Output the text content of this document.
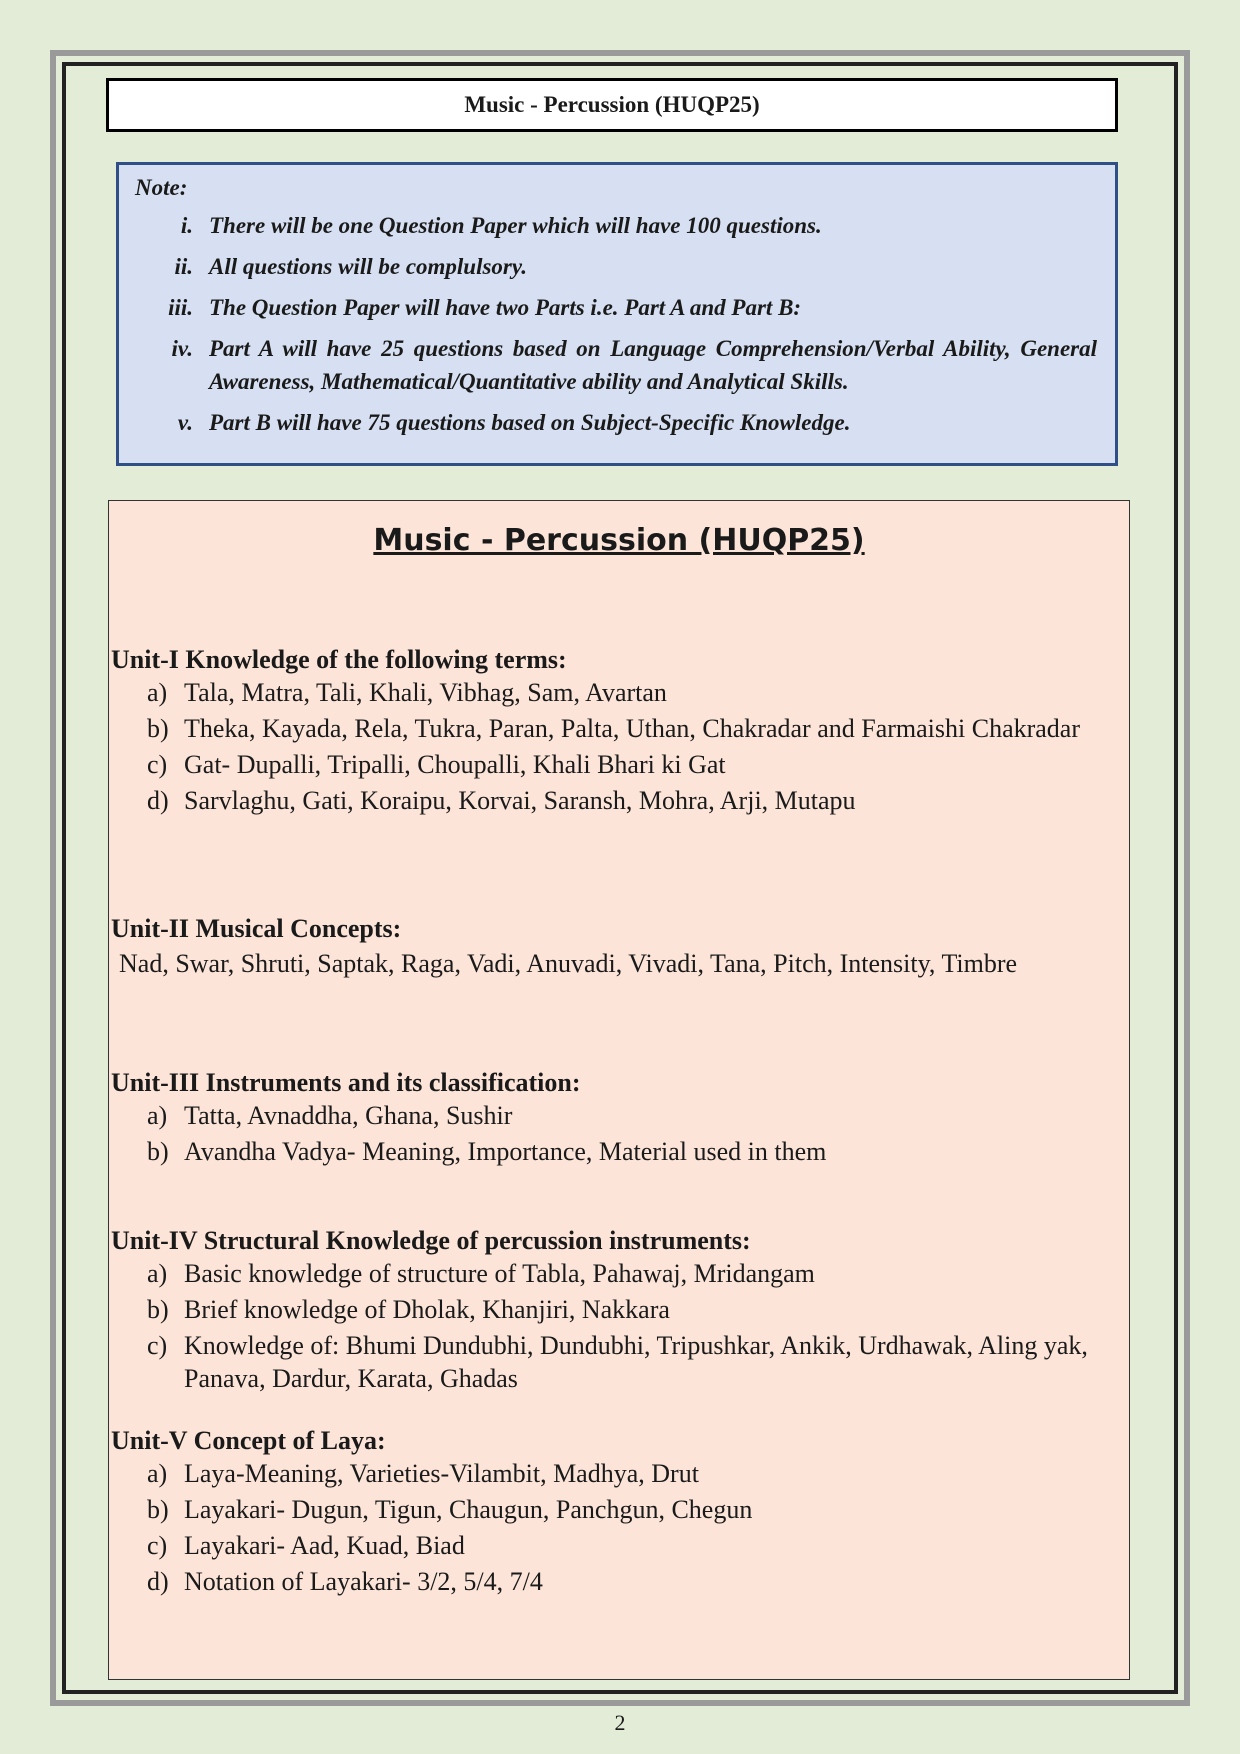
Music - Percussion (HUQP25)
Note:
i. There will be one Question Paper which will have 100 questions.
ii. All questions will be complulsory.
iii. The Question Paper will have two Parts i.e. Part A and Part B:
iv. Part A will have 25 questions based on Language Comprehension/Verbal Ability, General Awareness, Mathematical/Quantitative ability and Analytical Skills.
v. Part B will have 75 questions based on Subject-Specific Knowledge.
Music - Percussion (HUQP25)
Unit-I Knowledge of the following terms:
a) Tala, Matra, Tali, Khali, Vibhag, Sam, Avartan
b) Theka, Kayada, Rela, Tukra, Paran, Palta, Uthan, Chakradar and Farmaishi Chakradar
c) Gat- Dupalli, Tripalli, Choupalli, Khali Bhari ki Gat
d) Sarvlaghu, Gati, Koraipu, Korvai, Saransh, Mohra, Arji, Mutapu
Unit-II Musical Concepts:
Nad, Swar, Shruti, Saptak, Raga, Vadi, Anuvadi, Vivadi, Tana, Pitch, Intensity, Timbre
Unit-III Instruments and its classification:
a) Tatta, Avnaddha, Ghana, Sushir
b) Avandha Vadya- Meaning, Importance, Material used in them
Unit-IV Structural Knowledge of percussion instruments:
a) Basic knowledge of structure of Tabla, Pahawaj, Mridangam
b) Brief knowledge of Dholak, Khanjiri, Nakkara
c) Knowledge of: Bhumi Dundubhi, Dundubhi, Tripushkar, Ankik, Urdhawak, Aling yak, Panava, Dardur, Karata, Ghadas
Unit-V Concept of Laya:
a) Laya-Meaning, Varieties-Vilambit, Madhya, Drut
b) Layakari- Dugun, Tigun, Chaugun, Panchgun, Chegun
c) Layakari- Aad, Kuad, Biad
d) Notation of Layakari- 3/2, 5/4, 7/4
2
